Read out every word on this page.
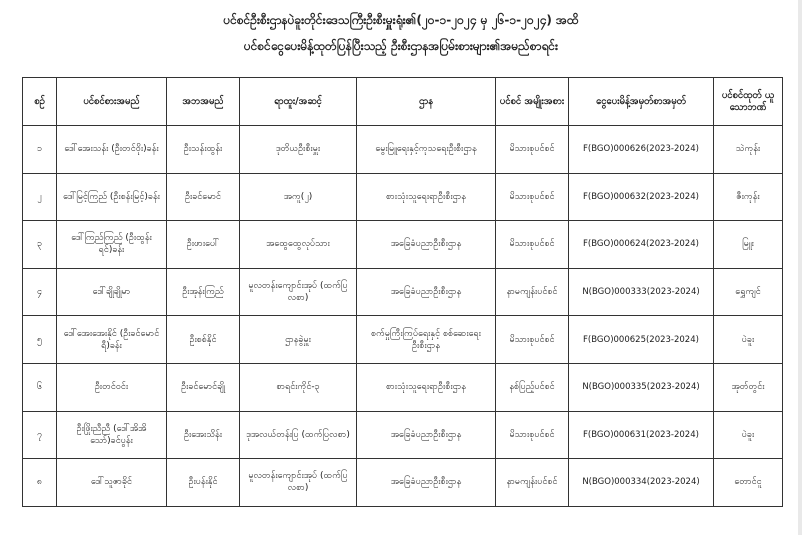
ပင်စင်ဦးစီးဌာနပဲခူးတိုင်းဒေသကြီးဦးစီးမှူးရုံး၏(၂၀-၁-၂၀၂၄ မှ ၂၆-၁-၂၀၂၄) အထိ
ပင်စင်ငွေပေးမိန့်ထုတ်ပြန်ပြီးသည့် ဦးစီးဌာနအပြမ်းစားများ၏အမည်စာရင်း
စဉ်	ပင်စင်စားအမည်	အဘအမည်	ရာထူး/အဆင့်	ဌာန	ပင်စင် အမျိုးအစား	ငွေပေးမိန့်အမှတ်စာအမှတ်	ပင်စင်ထုတ် ယူသောဘဏ်
၁	ဒေါ်အေးသန်း (ဦးတင်ဝိုး)ခန်း	ဦးသန်းထွန်း	ဒုတိယဦးစီးမှူး	မွေးမြူရေးနှင့်ကုသရေးဦးစီးဌာန	မိသားစုပင်စင်	F(BGO)000626(2023-2024)	သဲကုန်း
၂	ဒေါ်မြင့်ကြည် (ဦးစန်းမြင့်)ခန်း	ဦးခင်မောင်	အကူ(၂)	စားသုံးသူရေးရာဦးစီးဌာန	မိသားစုပင်စင်	F(BGO)000632(2023-2024)	ဇီးကုန်း
၃	ဒေါ်ကြည်ကြည် (ဦးထွန်းရင်)ခန်း	ဦးဖားပေါ်	အထွေထွေလုပ်သား	အခြေခံပညာဦးစီးဌာန	မိသားစုပင်စင်	F(BGO)000624(2023-2024)	မြူး
၄	ဒေါ်ချိုချိုမာ	ဦးအုန်းကြည်	မူလတန်းကျောင်းအုပ် (ထက်ပြလစာ)	အခြေခံပညာဦးစီးဌာန	နာမကျန်းပင်စင်	N(BGO)000333(2023-2024)	ရွှေကျင်
၅	ဒေါ်အေးအေးနိုင် (ဦးခင်မောင်ရီ)ခန်း	ဦးစစ်နိုင်	ဌာနခွဲမှူး	စက်မှုကြီးကြပ်ရေးနှင့် စစ်ဆေးရေးဦးစီးဌာန	မိသားစုပင်စင်	F(BGO)000625(2023-2024)	ပဲခူး
၆	ဦးတင်ဝင်း	ဦးခင်မောင်ချို	စာရင်းကိုင်-၃	စားသုံးသူရေးရာဦးစီးဌာန	နစ်ပြည့်ပင်စင်	N(BGO)000335(2023-2024)	အုတ်တွင်း
၇	ဦးဖြိုးညီညီ (ဒေါ်အိအိသော်)ခင်ပွန်း	ဦးအေးသိန်း	ဒုအလယ်တန်းပြ (ထက်ပြလစာ)	အခြေခံပညာဦးစီးဌာန	မိသားစုပင်စင်	F(BGO)000631(2023-2024)	ပဲခူး
၈	ဒေါ်သူဇာခိုင်	ဦးပန်းနိုင်	မူလတန်းကျောင်းအုပ် (ထက်ပြလစာ)	အခြေခံပညာဦးစီးဌာန	နာမကျန်းပင်စင်	N(BGO)000334(2023-2024)	တောင်ငူ
